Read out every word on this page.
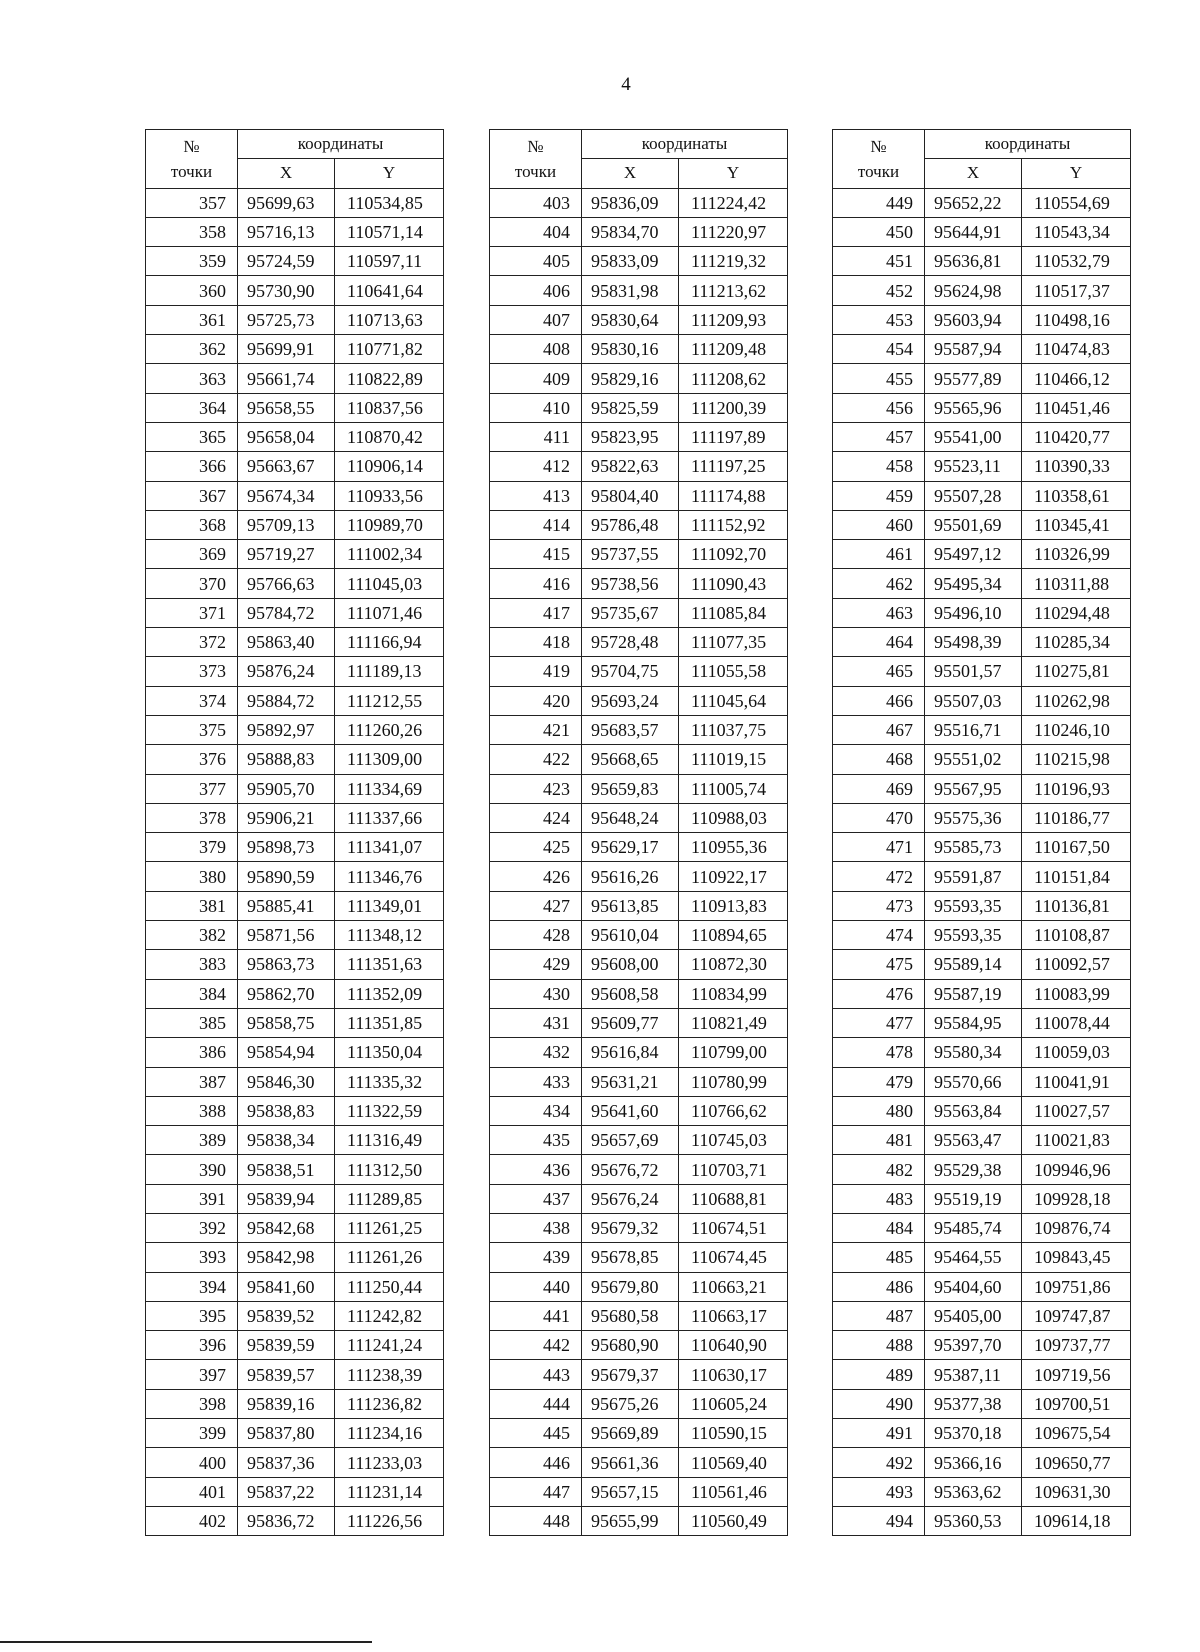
4
№
точки	координаты	
	X	Y
357	95699,63	110534,85
358	95716,13	110571,14
359	95724,59	110597,11
360	95730,90	110641,64
361	95725,73	110713,63
362	95699,91	110771,82
363	95661,74	110822,89
364	95658,55	110837,56
365	95658,04	110870,42
366	95663,67	110906,14
367	95674,34	110933,56
368	95709,13	110989,70
369	95719,27	111002,34
370	95766,63	111045,03
371	95784,72	111071,46
372	95863,40	111166,94
373	95876,24	111189,13
374	95884,72	111212,55
375	95892,97	111260,26
376	95888,83	111309,00
377	95905,70	111334,69
378	95906,21	111337,66
379	95898,73	111341,07
380	95890,59	111346,76
381	95885,41	111349,01
382	95871,56	111348,12
383	95863,73	111351,63
384	95862,70	111352,09
385	95858,75	111351,85
386	95854,94	111350,04
387	95846,30	111335,32
388	95838,83	111322,59
389	95838,34	111316,49
390	95838,51	111312,50
391	95839,94	111289,85
392	95842,68	111261,25
393	95842,98	111261,26
394	95841,60	111250,44
395	95839,52	111242,82
396	95839,59	111241,24
397	95839,57	111238,39
398	95839,16	111236,82
399	95837,80	111234,16
400	95837,36	111233,03
401	95837,22	111231,14
402	95836,72	111226,56
№
точки	координаты	
	X	Y
403	95836,09	111224,42
404	95834,70	111220,97
405	95833,09	111219,32
406	95831,98	111213,62
407	95830,64	111209,93
408	95830,16	111209,48
409	95829,16	111208,62
410	95825,59	111200,39
411	95823,95	111197,89
412	95822,63	111197,25
413	95804,40	111174,88
414	95786,48	111152,92
415	95737,55	111092,70
416	95738,56	111090,43
417	95735,67	111085,84
418	95728,48	111077,35
419	95704,75	111055,58
420	95693,24	111045,64
421	95683,57	111037,75
422	95668,65	111019,15
423	95659,83	111005,74
424	95648,24	110988,03
425	95629,17	110955,36
426	95616,26	110922,17
427	95613,85	110913,83
428	95610,04	110894,65
429	95608,00	110872,30
430	95608,58	110834,99
431	95609,77	110821,49
432	95616,84	110799,00
433	95631,21	110780,99
434	95641,60	110766,62
435	95657,69	110745,03
436	95676,72	110703,71
437	95676,24	110688,81
438	95679,32	110674,51
439	95678,85	110674,45
440	95679,80	110663,21
441	95680,58	110663,17
442	95680,90	110640,90
443	95679,37	110630,17
444	95675,26	110605,24
445	95669,89	110590,15
446	95661,36	110569,40
447	95657,15	110561,46
448	95655,99	110560,49
№
точки	координаты	
	X	Y
449	95652,22	110554,69
450	95644,91	110543,34
451	95636,81	110532,79
452	95624,98	110517,37
453	95603,94	110498,16
454	95587,94	110474,83
455	95577,89	110466,12
456	95565,96	110451,46
457	95541,00	110420,77
458	95523,11	110390,33
459	95507,28	110358,61
460	95501,69	110345,41
461	95497,12	110326,99
462	95495,34	110311,88
463	95496,10	110294,48
464	95498,39	110285,34
465	95501,57	110275,81
466	95507,03	110262,98
467	95516,71	110246,10
468	95551,02	110215,98
469	95567,95	110196,93
470	95575,36	110186,77
471	95585,73	110167,50
472	95591,87	110151,84
473	95593,35	110136,81
474	95593,35	110108,87
475	95589,14	110092,57
476	95587,19	110083,99
477	95584,95	110078,44
478	95580,34	110059,03
479	95570,66	110041,91
480	95563,84	110027,57
481	95563,47	110021,83
482	95529,38	109946,96
483	95519,19	109928,18
484	95485,74	109876,74
485	95464,55	109843,45
486	95404,60	109751,86
487	95405,00	109747,87
488	95397,70	109737,77
489	95387,11	109719,56
490	95377,38	109700,51
491	95370,18	109675,54
492	95366,16	109650,77
493	95363,62	109631,30
494	95360,53	109614,18
